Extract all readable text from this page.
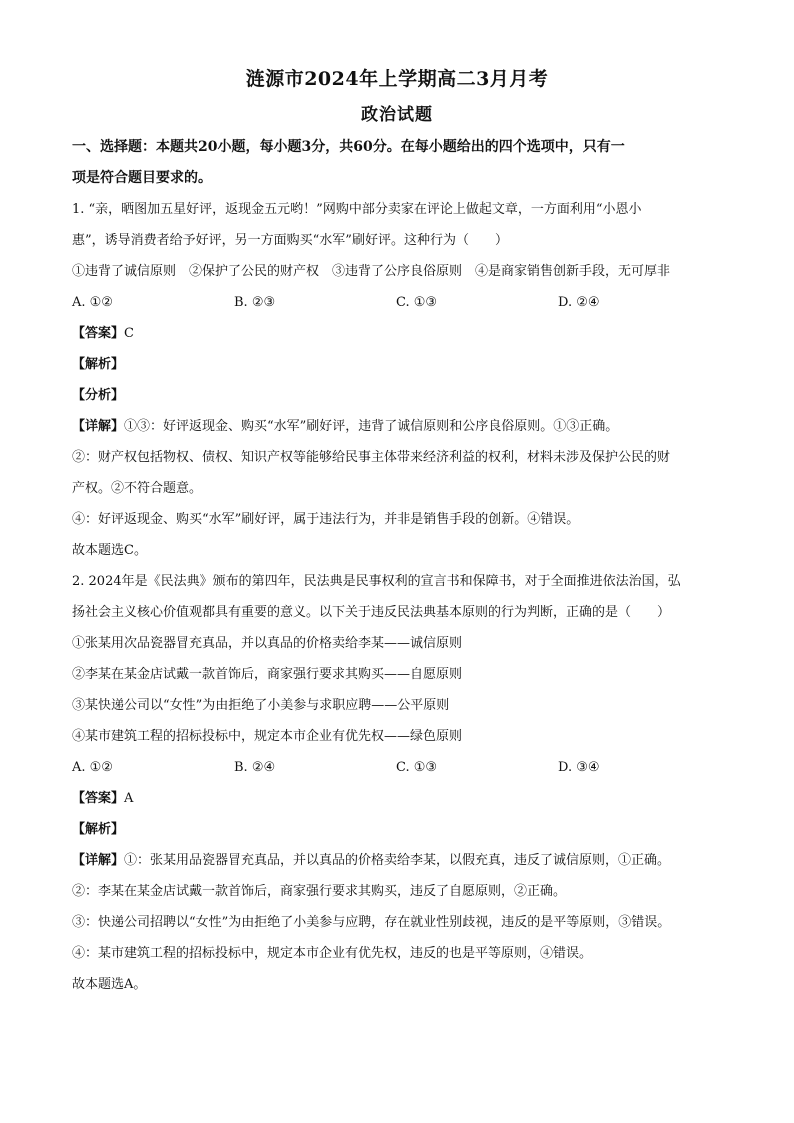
涟源市2024年上学期高二3月月考
政治试题

一、选择题：本题共20小题，每小题3分，共60分。在每小题给出的四个选项中，只有一

项是符合题目要求的。

1. “亲，晒图加五星好评，返现金五元哟！”网购中部分卖家在评论上做起文章，一方面利用“小恩小

惠”，诱导消费者给予好评，另一方面购买“水军”刷好评。这种行为（　　）

①违背了诚信原则　②保护了公民的财产权　③违背了公序良俗原则　④是商家销售创新手段，无可厚非

A. ①②	B. ②③	C. ①③	D. ②④

【答案】C

【解析】

【分析】

【详解】①③：好评返现金、购买“水军”刷好评，违背了诚信原则和公序良俗原则。①③正确。

②：财产权包括物权、债权、知识产权等能够给民事主体带来经济利益的权利，材料未涉及保护公民的财

产权。②不符合题意。

④：好评返现金、购买“水军”刷好评，属于违法行为，并非是销售手段的创新。④错误。

故本题选C。

2. 2024年是《民法典》颁布的第四年，民法典是民事权利的宣言书和保障书，对于全面推进依法治国，弘

扬社会主义核心价值观都具有重要的意义。以下关于违反民法典基本原则的行为判断，正确的是（　　）

①张某用次品瓷器冒充真品，并以真品的价格卖给李某——诚信原则

②李某在某金店试戴一款首饰后，商家强行要求其购买——自愿原则

③某快递公司以“女性”为由拒绝了小美参与求职应聘——公平原则

④某市建筑工程的招标投标中，规定本市企业有优先权——绿色原则

A. ①②	B. ②④	C. ①③	D. ③④

【答案】A

【解析】

【详解】①：张某用品瓷器冒充真品，并以真品的价格卖给李某，以假充真，违反了诚信原则，①正确。

②：李某在某金店试戴一款首饰后，商家强行要求其购买，违反了自愿原则，②正确。

③：快递公司招聘以“女性”为由拒绝了小美参与应聘，存在就业性别歧视，违反的是平等原则，③错误。

④：某市建筑工程的招标投标中，规定本市企业有优先权，违反的也是平等原则，④错误。

故本题选A。
